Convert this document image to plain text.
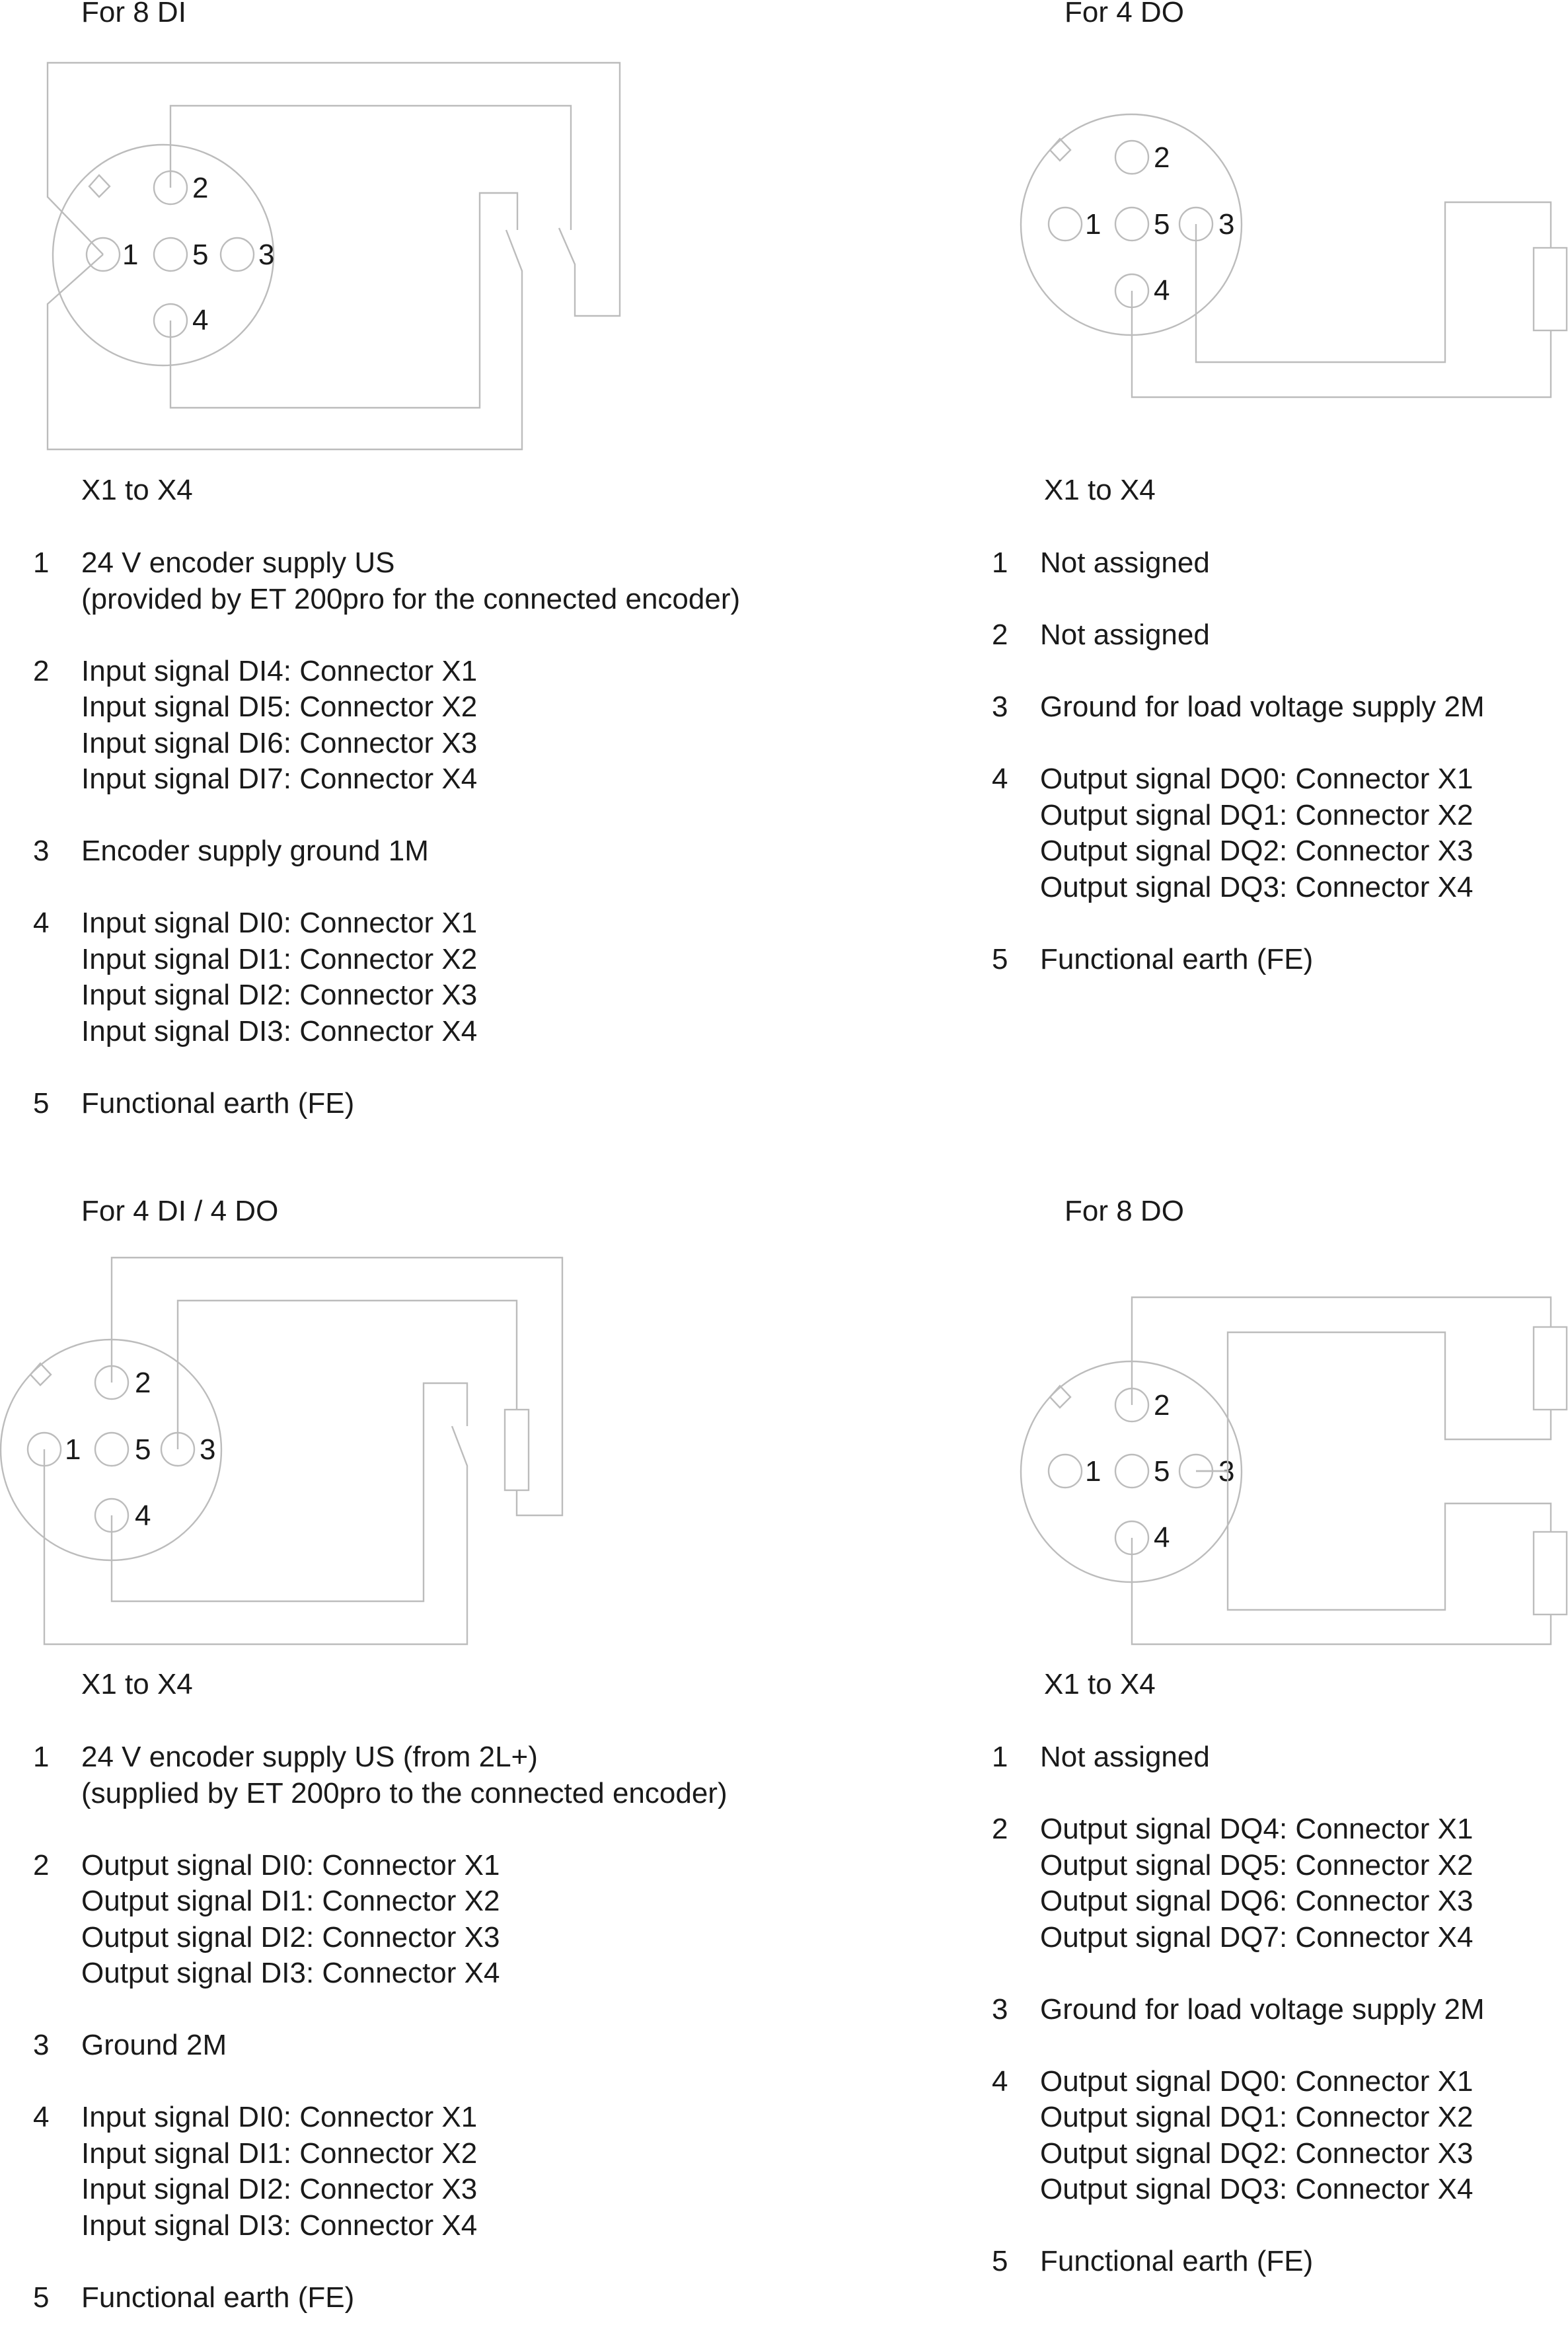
For 8 DI
2
1 5 3
4
X1 to X4
1	24 V encoder supply US
(provided by ET 200pro for the connected encoder)
2	Input signal DI4: Connector X1
Input signal DI5: Connector X2
Input signal DI6: Connector X3
Input signal DI7: Connector X4
3	Encoder supply ground 1M
4	Input signal DI0: Connector X1
Input signal DI1: Connector X2
Input signal DI2: Connector X3
Input signal DI3: Connector X4
5	Functional earth (FE)
For 4 DO
2
1 5 3
4
X1 to X4
1	Not assigned
2	Not assigned
3	Ground for load voltage supply 2M
4	Output signal DQ0: Connector X1
Output signal DQ1: Connector X2
Output signal DQ2: Connector X3
Output signal DQ3: Connector X4
5	Functional earth (FE)
For 4 DI / 4 DO
2
1 5 3
4
X1 to X4
1	24 V encoder supply US (from 2L+)
(supplied by ET 200pro to the connected encoder)
2	Output signal DI0: Connector X1
Output signal DI1: Connector X2
Output signal DI2: Connector X3
Output signal DI3: Connector X4
3	Ground 2M
4	Input signal DI0: Connector X1
Input signal DI1: Connector X2
Input signal DI2: Connector X3
Input signal DI3: Connector X4
5	Functional earth (FE)
For 8 DO
2
1 5 3
4
X1 to X4
1	Not assigned
2	Output signal DQ4: Connector X1
Output signal DQ5: Connector X2
Output signal DQ6: Connector X3
Output signal DQ7: Connector X4
3	Ground for load voltage supply 2M
4	Output signal DQ0: Connector X1
Output signal DQ1: Connector X2
Output signal DQ2: Connector X3
Output signal DQ3: Connector X4
5	Functional earth (FE)
